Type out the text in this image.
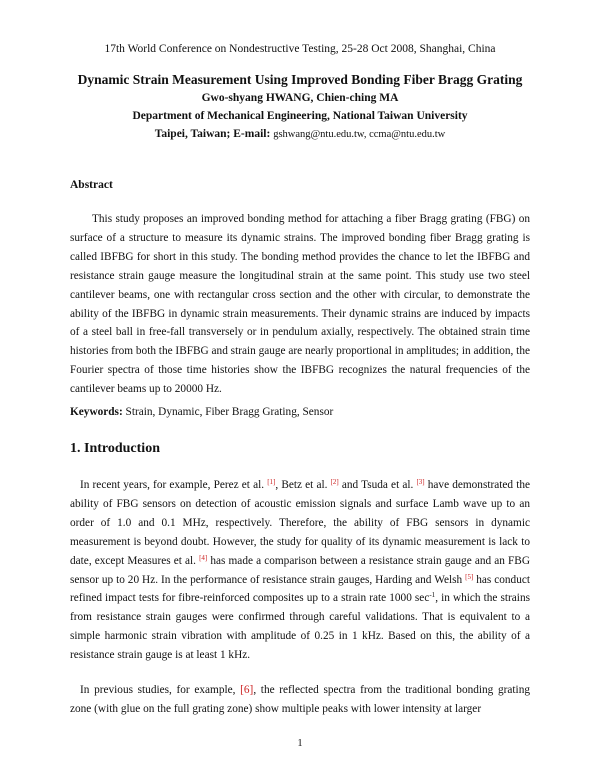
17th World Conference on Nondestructive Testing, 25-28 Oct 2008, Shanghai, China
Dynamic Strain Measurement Using Improved Bonding Fiber Bragg Grating
Gwo-shyang HWANG, Chien-ching MA
Department of Mechanical Engineering, National Taiwan University
Taipei, Taiwan; E-mail: gshwang@ntu.edu.tw, ccma@ntu.edu.tw
Abstract
This study proposes an improved bonding method for attaching a fiber Bragg grating (FBG) on surface of a structure to measure its dynamic strains. The improved bonding fiber Bragg grating is called IBFBG for short in this study. The bonding method provides the chance to let the IBFBG and resistance strain gauge measure the longitudinal strain at the same point. This study use two steel cantilever beams, one with rectangular cross section and the other with circular, to demonstrate the ability of the IBFBG in dynamic strain measurements. Their dynamic strains are induced by impacts of a steel ball in free-fall transversely or in pendulum axially, respectively. The obtained strain time histories from both the IBFBG and strain gauge are nearly proportional in amplitudes; in addition, the Fourier spectra of those time histories show the IBFBG recognizes the natural frequencies of the cantilever beams up to 20000 Hz.
Keywords: Strain, Dynamic, Fiber Bragg Grating, Sensor
1. Introduction
In recent years, for example, Perez et al. [1], Betz et al. [2] and Tsuda et al. [3] have demonstrated the ability of FBG sensors on detection of acoustic emission signals and surface Lamb wave up to an order of 1.0 and 0.1 MHz, respectively. Therefore, the ability of FBG sensors in dynamic measurement is beyond doubt. However, the study for quality of its dynamic measurement is lack to date, except Measures et al. [4] has made a comparison between a resistance strain gauge and an FBG sensor up to 20 Hz. In the performance of resistance strain gauges, Harding and Welsh [5] has conduct refined impact tests for fibre-reinforced composites up to a strain rate 1000 $\sec^{-1}$, in which the strains from resistance strain gauges were confirmed through careful validations. That is equivalent to a simple harmonic strain vibration with amplitude of 0.25 in 1 kHz. Based on this, the ability of a resistance strain gauge is at least 1 kHz.
In previous studies, for example, [6], the reflected spectra from the traditional bonding grating zone (with glue on the full grating zone) show multiple peaks with lower intensity at larger
1
